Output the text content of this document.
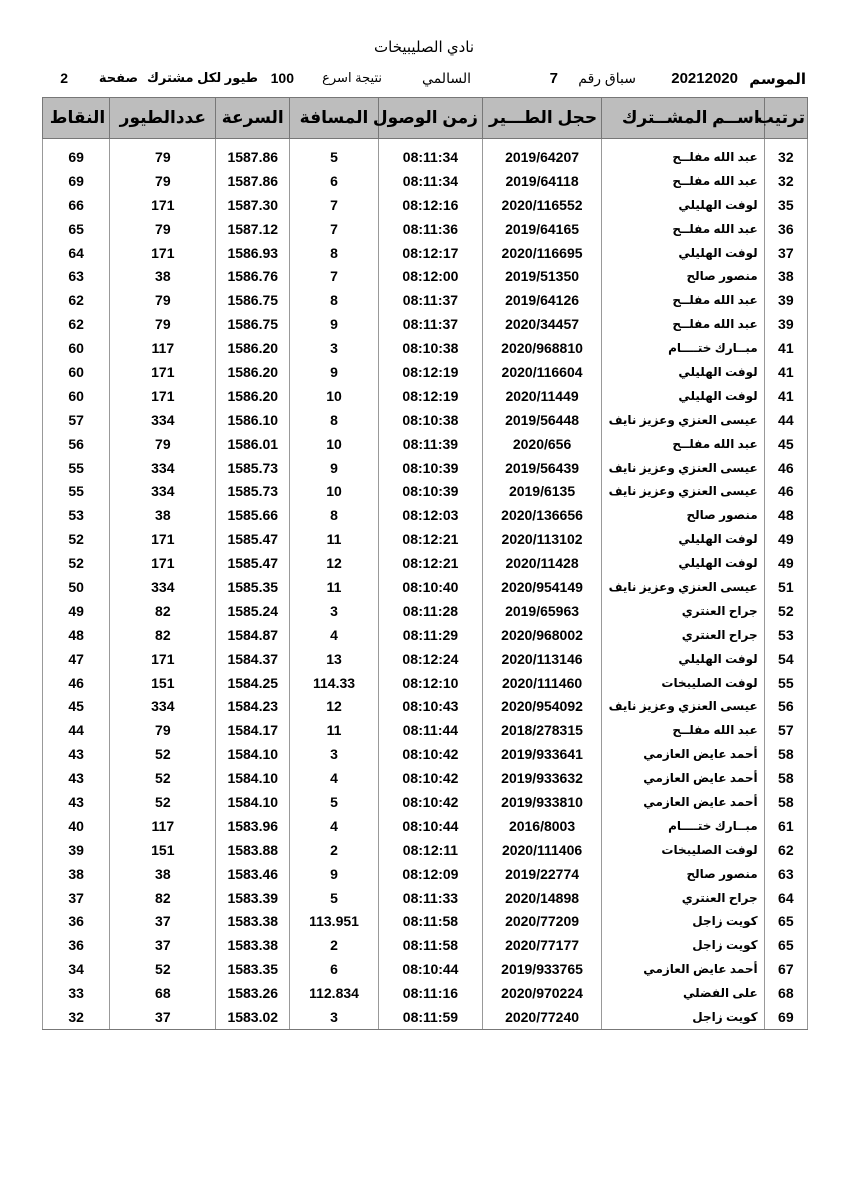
نادي الصليبيخات
الموسم
20212020
سباق رقم
7
السالمي
نتيجة اسرع
100
طيور لكل مشترك
صفحة
2
ترتيب	اســم المشــترك	حجل الطـــير	زمن الوصول	المسافة	السرعة	عددالطيور	النقاط

32	عبد الله مفلــح	2019/64207	08:11:34	5	1587.86	79	69
32	عبد الله مفلــح	2019/64118	08:11:34	6	1587.86	79	69
35	لوفت الهليلي	2020/116552	08:12:16	7	1587.30	171	66
36	عبد الله مفلــح	2019/64165	08:11:36	7	1587.12	79	65
37	لوفت الهليلي	2020/116695	08:12:17	8	1586.93	171	64
38	منصور صالح	2019/51350	08:12:00	7	1586.76	38	63
39	عبد الله مفلــح	2019/64126	08:11:37	8	1586.75	79	62
39	عبد الله مفلــح	2020/34457	08:11:37	9	1586.75	79	62
41	مبــارك ختــــام	2020/968810	08:10:38	3	1586.20	117	60
41	لوفت الهليلي	2020/116604	08:12:19	9	1586.20	171	60
41	لوفت الهليلي	2020/11449	08:12:19	10	1586.20	171	60
44	عيسى العنزي وعزيز نايف	2019/56448	08:10:38	8	1586.10	334	57
45	عبد الله مفلــح	2020/656	08:11:39	10	1586.01	79	56
46	عيسى العنزي وعزيز نايف	2019/56439	08:10:39	9	1585.73	334	55
46	عيسى العنزي وعزيز نايف	2019/6135	08:10:39	10	1585.73	334	55
48	منصور صالح	2020/136656	08:12:03	8	1585.66	38	53
49	لوفت الهليلي	2020/113102	08:12:21	11	1585.47	171	52
49	لوفت الهليلي	2020/11428	08:12:21	12	1585.47	171	52
51	عيسى العنزي وعزيز نايف	2020/954149	08:10:40	11	1585.35	334	50
52	جراح العنتري	2019/65963	08:11:28	3	1585.24	82	49
53	جراح العنتري	2020/968002	08:11:29	4	1584.87	82	48
54	لوفت الهليلي	2020/113146	08:12:24	13	1584.37	171	47
55	لوفت الصليبخات	2020/111460	08:12:10	114.33	1584.25	151	46
56	عيسى العنزي وعزيز نايف	2020/954092	08:10:43	12	1584.23	334	45
57	عبد الله مفلــح	2018/278315	08:11:44	11	1584.17	79	44
58	أحمد عايض العازمي	2019/933641	08:10:42	3	1584.10	52	43
58	أحمد عايض العازمي	2019/933632	08:10:42	4	1584.10	52	43
58	أحمد عايض العازمي	2019/933810	08:10:42	5	1584.10	52	43
61	مبــارك ختــــام	2016/8003	08:10:44	4	1583.96	117	40
62	لوفت الصليبخات	2020/111406	08:12:11	2	1583.88	151	39
63	منصور صالح	2019/22774	08:12:09	9	1583.46	38	38
64	جراح العنتري	2020/14898	08:11:33	5	1583.39	82	37
65	كويت زاجل	2020/77209	08:11:58	113.951	1583.38	37	36
65	كويت زاجل	2020/77177	08:11:58	2	1583.38	37	36
67	أحمد عايض العازمي	2019/933765	08:10:44	6	1583.35	52	34
68	على الفضلي	2020/970224	08:11:16	112.834	1583.26	68	33
69	كويت زاجل	2020/77240	08:11:59	3	1583.02	37	32
